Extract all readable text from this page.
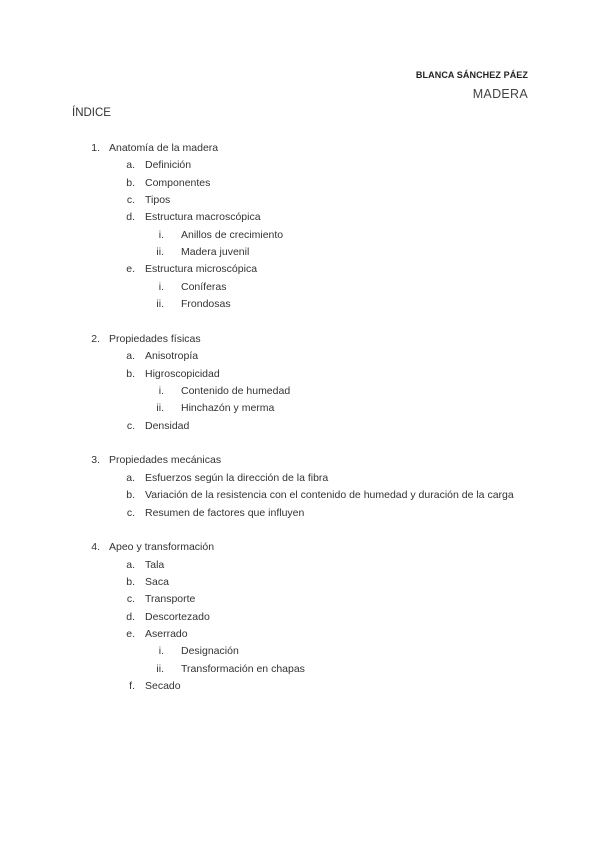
BLANCA SÁNCHEZ PÁEZ
MADERA
ÍNDICE
1. Anatomía de la madera
a. Definición
b. Componentes
c. Tipos
d. Estructura macroscópica
i. Anillos de crecimiento
ii. Madera juvenil
e. Estructura microscópica
i. Coníferas
ii. Frondosas
2. Propiedades físicas
a. Anisotropía
b. Higroscopicidad
i. Contenido de humedad
ii. Hinchazón y merma
c. Densidad
3. Propiedades mecánicas
a. Esfuerzos según la dirección de la fibra
b. Variación de la resistencia con el contenido de humedad y duración de la carga
c. Resumen de factores que influyen
4. Apeo y transformación
a. Tala
b. Saca
c. Transporte
d. Descortezado
e. Aserrado
i. Designación
ii. Transformación en chapas
f. Secado
